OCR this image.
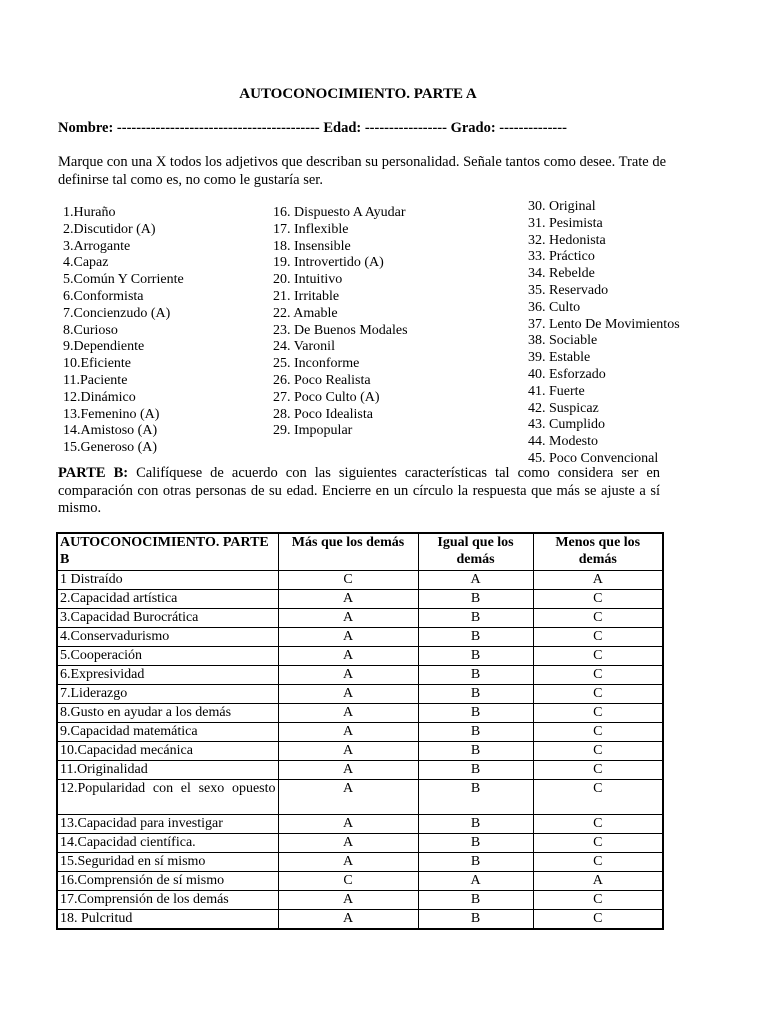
AUTOCONOCIMIENTO. PARTE A
Nombre: ------------------------------------------ Edad: ----------------- Grado: --------------
Marque con una X todos los adjetivos que describan su personalidad. Señale tantos como desee. Trate de definirse tal como es, no como le gustaría ser.
1.Huraño
2.Discutidor (A)
3.Arrogante
4.Capaz
5.Común Y Corriente
6.Conformista
7.Concienzudo (A)
8.Curioso
9.Dependiente
10.Eficiente
11.Paciente
12.Dinámico
13.Femenino (A)
14.Amistoso (A)
15.Generoso (A)
16. Dispuesto A Ayudar
17. Inflexible
18. Insensible
19. Introvertido (A)
20. Intuitivo
21. Irritable
22. Amable
23. De Buenos Modales
24. Varonil
25. Inconforme
26. Poco Realista
27. Poco Culto (A)
28. Poco Idealista
29. Impopular
30. Original
31. Pesimista
32. Hedonista
33. Práctico
34. Rebelde
35. Reservado
36. Culto
37. Lento De Movimientos
38. Sociable
39. Estable
40. Esforzado
41. Fuerte
42. Suspicaz
43. Cumplido
44. Modesto
45. Poco Convencional
PARTE B: Califíquese de acuerdo con las siguientes características tal como considera ser en comparación con otras personas de su edad. Encierre en un círculo la respuesta que más se ajuste a sí mismo.
AUTOCONOCIMIENTO. PARTE B	Más que los demás	Igual que los demás	Menos que los demás
1 Distraído	C	A	A
2.Capacidad artística	A	B	C
3.Capacidad Burocrática	A	B	C
4.Conservadurismo	A	B	C
5.Cooperación	A	B	C
6.Expresividad	A	B	C
7.Liderazgo	A	B	C
8.Gusto en ayudar a los demás	A	B	C
9.Capacidad matemática	A	B	C
10.Capacidad mecánica	A	B	C
11.Originalidad	A	B	C
12.Popularidad con el sexo opuesto	A	B	C
13.Capacidad para investigar	A	B	C
14.Capacidad científica.	A	B	C
15.Seguridad en sí mismo	A	B	C
16.Comprensión de sí mismo	C	A	A
17.Comprensión de los demás	A	B	C
18. Pulcritud	A	B	C
